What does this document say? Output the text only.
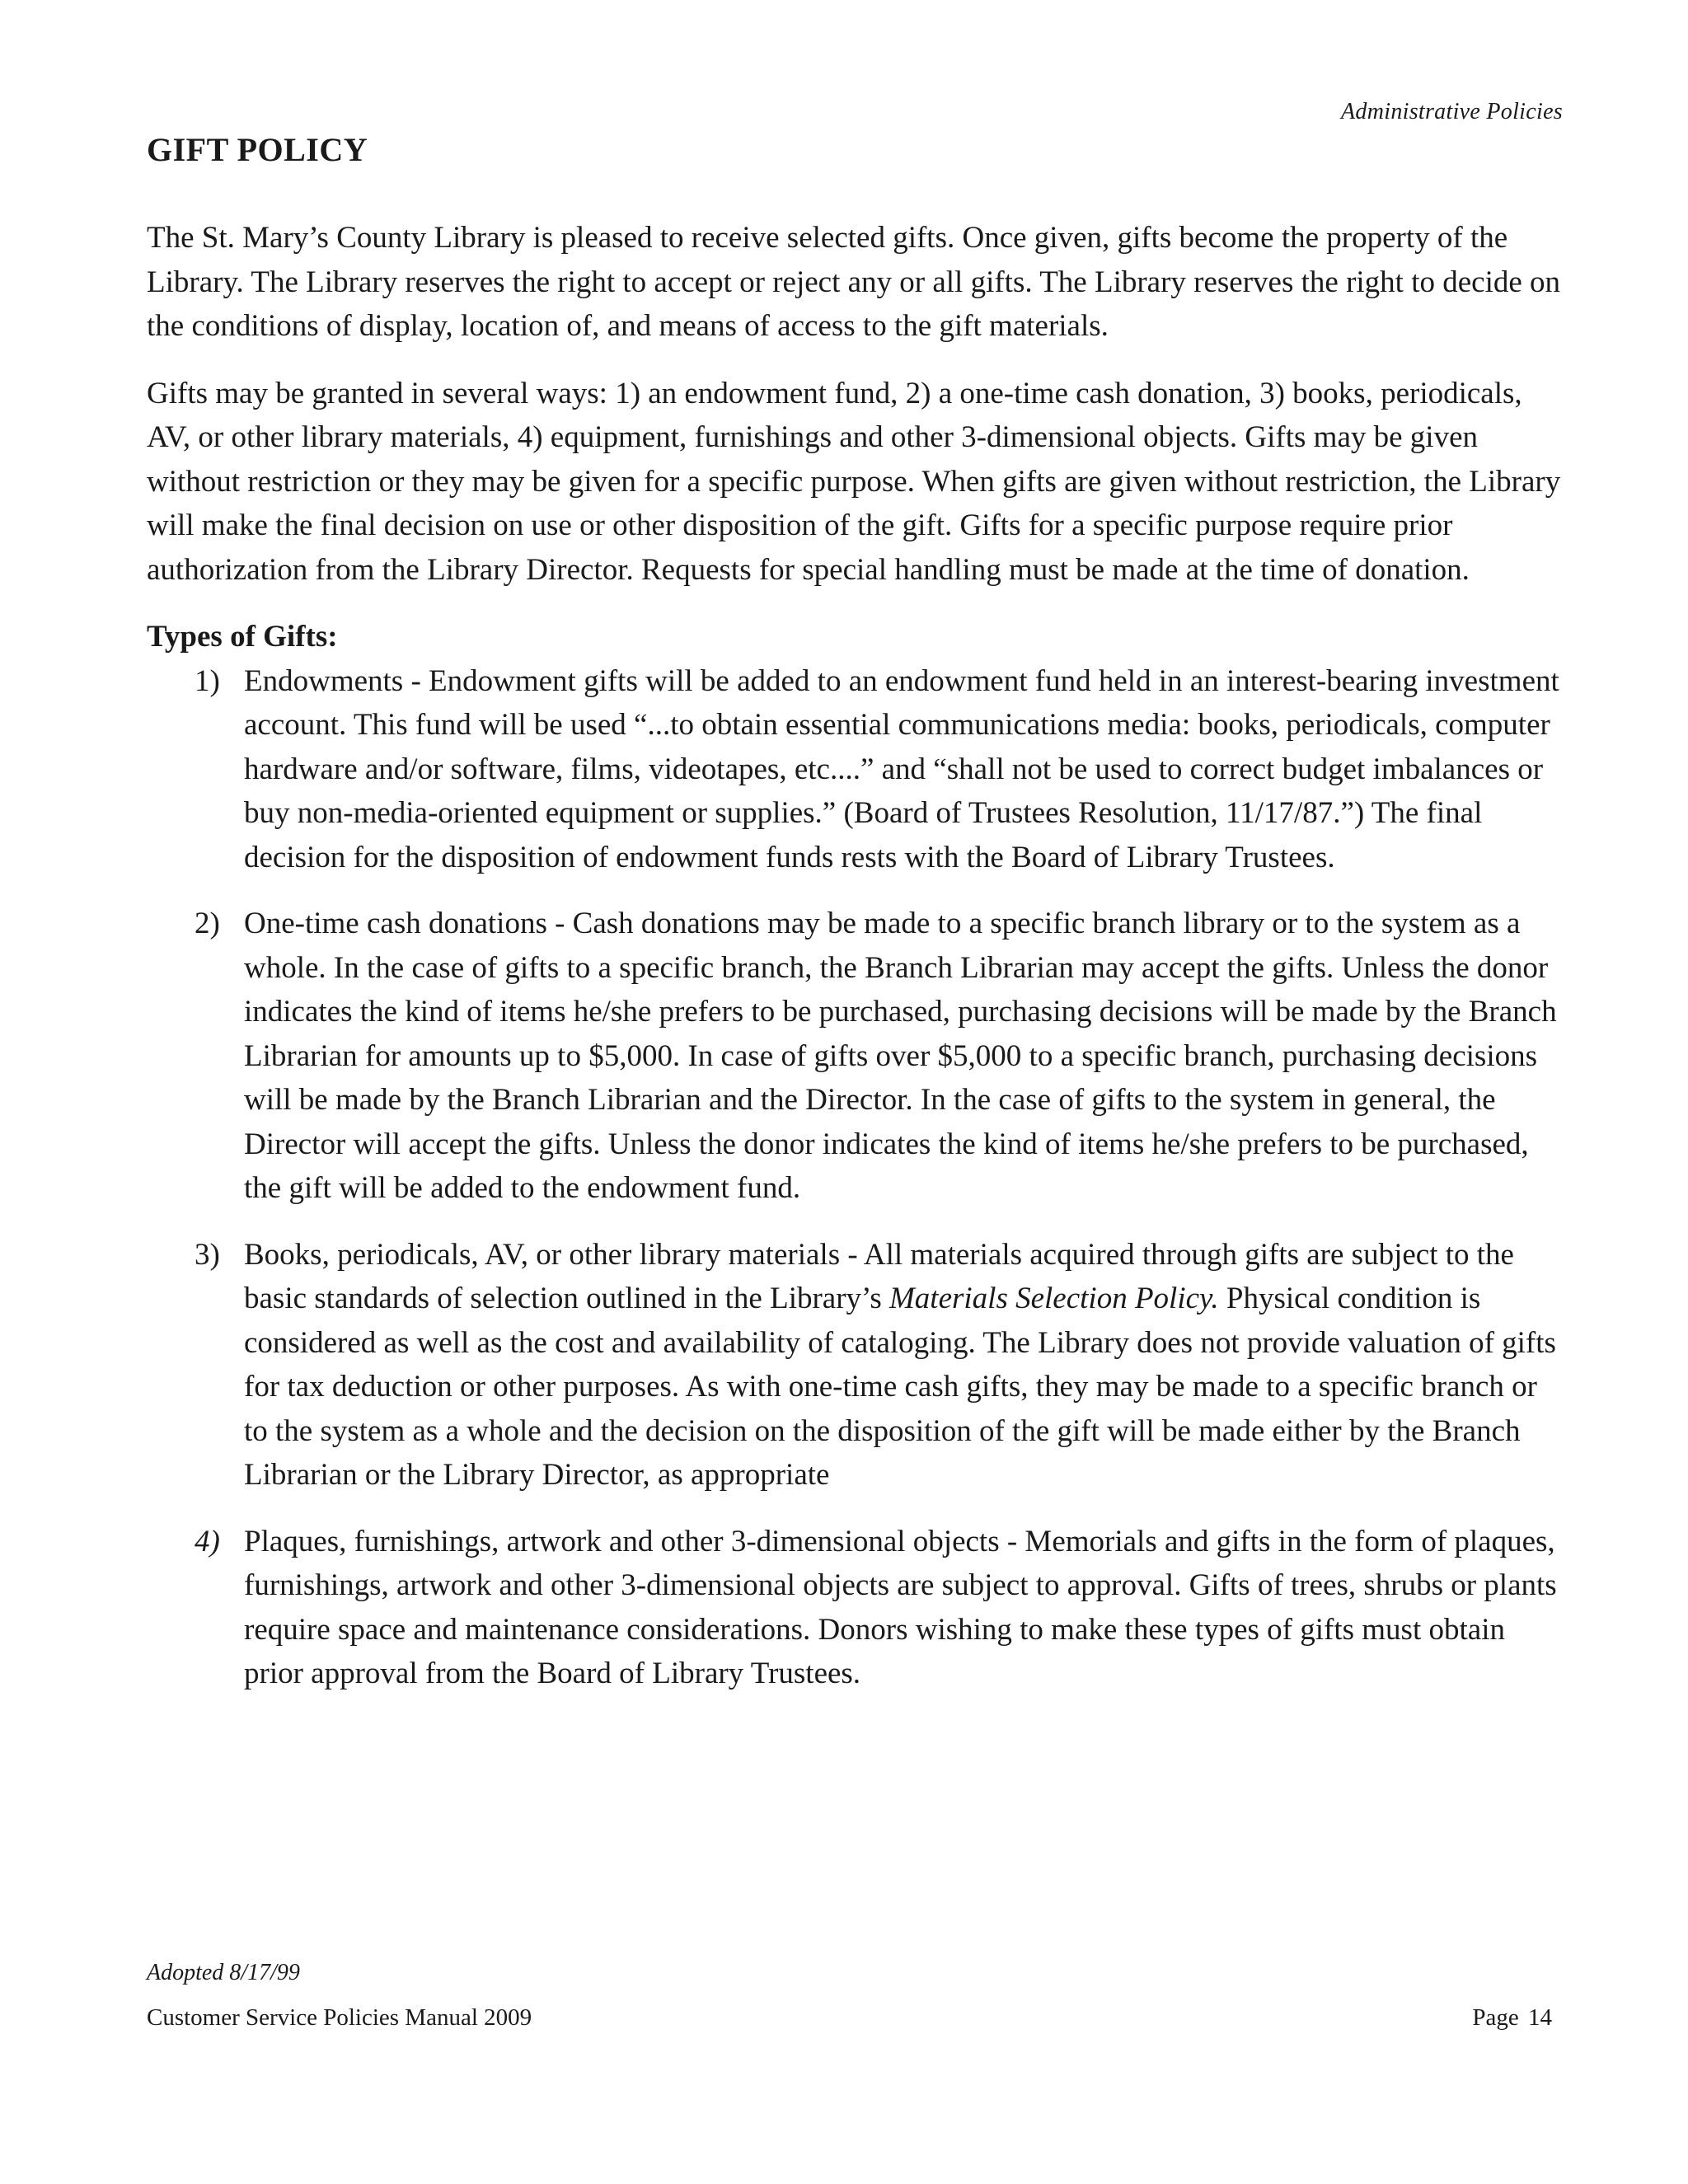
Administrative Policies
GIFT POLICY

The St. Mary’s County Library is pleased to receive selected gifts. Once given, gifts become the property of the Library. The Library reserves the right to accept or reject any or all gifts. The Library reserves the right to decide on the conditions of display, location of, and means of access to the gift materials.

Gifts may be granted in several ways: 1) an endowment fund, 2) a one-time cash donation, 3) books, periodicals, AV, or other library materials, 4) equipment, furnishings and other 3-dimensional objects. Gifts may be given without restriction or they may be given for a specific purpose. When gifts are given without restriction, the Library will make the final decision on use or other disposition of the gift. Gifts for a specific purpose require prior authorization from the Library Director. Requests for special handling must be made at the time of donation.

Types of Gifts:
1) Endowments - Endowment gifts will be added to an endowment fund held in an interest-bearing investment account. This fund will be used “...to obtain essential communications media: books, periodicals, computer hardware and/or software, films, videotapes, etc....” and “shall not be used to correct budget imbalances or buy non-media-oriented equipment or supplies.” (Board of Trustees Resolution, 11/17/87.”) The final decision for the disposition of endowment funds rests with the Board of Library Trustees.
2) One-time cash donations - Cash donations may be made to a specific branch library or to the system as a whole. In the case of gifts to a specific branch, the Branch Librarian may accept the gifts. Unless the donor indicates the kind of items he/she prefers to be purchased, purchasing decisions will be made by the Branch Librarian for amounts up to $5,000. In case of gifts over $5,000 to a specific branch, purchasing decisions will be made by the Branch Librarian and the Director. In the case of gifts to the system in general, the Director will accept the gifts. Unless the donor indicates the kind of items he/she prefers to be purchased, the gift will be added to the endowment fund.
3) Books, periodicals, AV, or other library materials - All materials acquired through gifts are subject to the basic standards of selection outlined in the Library’s Materials Selection Policy. Physical condition is considered as well as the cost and availability of cataloging. The Library does not provide valuation of gifts for tax deduction or other purposes. As with one-time cash gifts, they may be made to a specific branch or to the system as a whole and the decision on the disposition of the gift will be made either by the Branch Librarian or the Library Director, as appropriate
4) Plaques, furnishings, artwork and other 3-dimensional objects - Memorials and gifts in the form of plaques, furnishings, artwork and other 3-dimensional objects are subject to approval. Gifts of trees, shrubs or plants require space and maintenance considerations. Donors wishing to make these types of gifts must obtain prior approval from the Board of Library Trustees.
Adopted 8/17/99
Customer Service Policies Manual 2009	Page 14
